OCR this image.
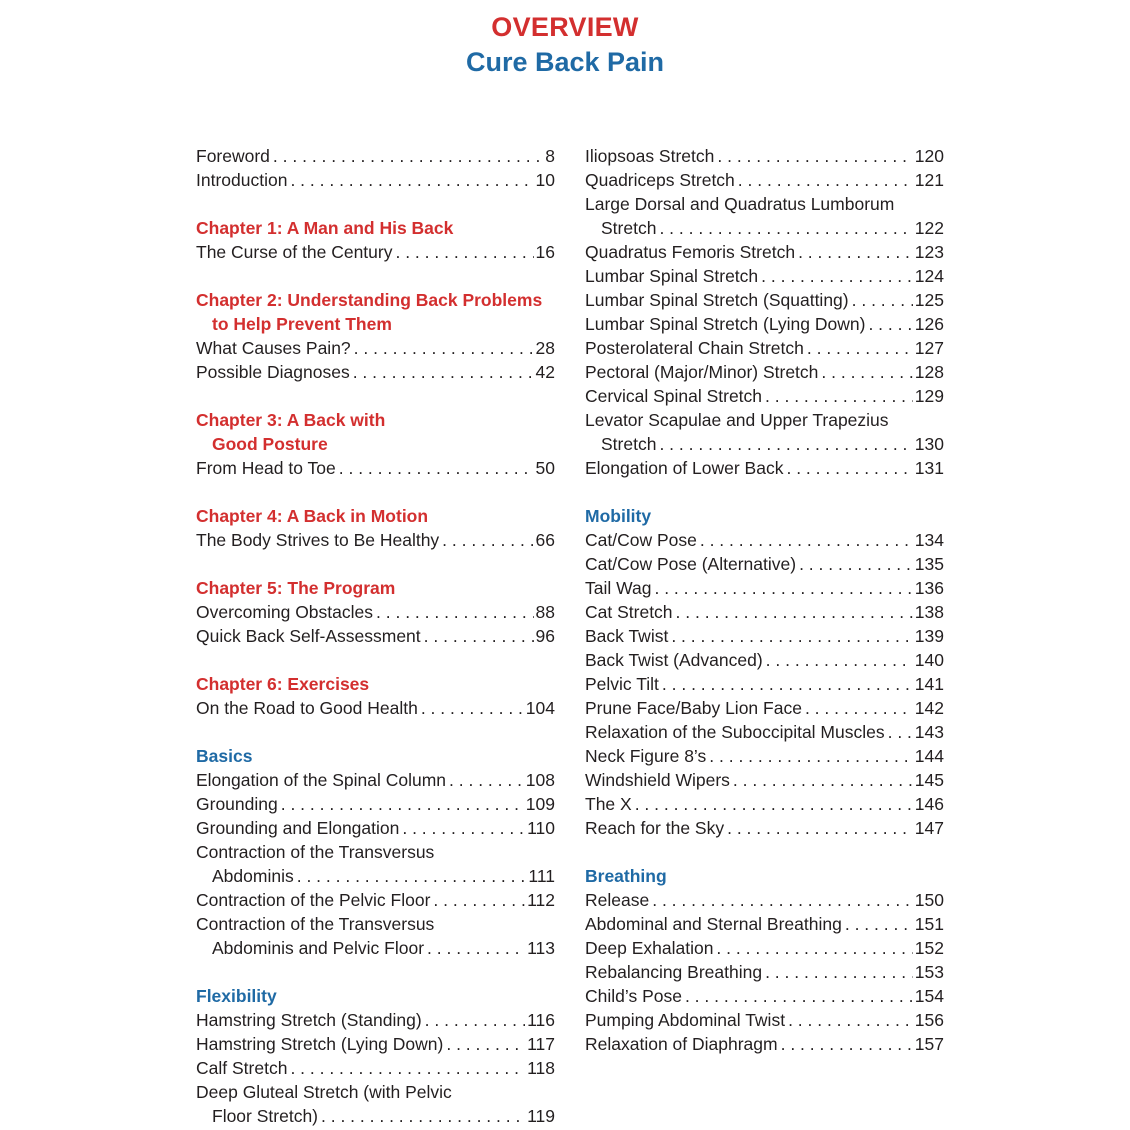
OVERVIEW
Cure Back Pain
Foreword . . .	8
Introduction . . .	10
Chapter 1: A Man and His Back
The Curse of the Century . . .	16
Chapter 2: Understanding Back Problems
to Help Prevent Them
What Causes Pain? . . .	28
Possible Diagnoses . . .	42
Chapter 3: A Back with
Good Posture
From Head to Toe . . .	50
Chapter 4: A Back in Motion
The Body Strives to Be Healthy . . .	66
Chapter 5: The Program
Overcoming Obstacles . . .	88
Quick Back Self-Assessment . . .	96
Chapter 6: Exercises
On the Road to Good Health . . .	104
Basics
Elongation of the Spinal Column . . .	108
Grounding . . .	109
Grounding and Elongation . . .	110
Contraction of the Transversus
Abdominis . . .	111
Contraction of the Pelvic Floor . . .	112
Contraction of the Transversus
Abdominis and Pelvic Floor . . .	113
Flexibility
Hamstring Stretch (Standing) . . .	116
Hamstring Stretch (Lying Down) . . .	117
Calf Stretch . . .	118
Deep Gluteal Stretch (with Pelvic
Floor Stretch) . . .	119
Iliopsoas Stretch . . .	120
Quadriceps Stretch . . .	121
Large Dorsal and Quadratus Lumborum
Stretch . . .	122
Quadratus Femoris Stretch . . .	123
Lumbar Spinal Stretch . . .	124
Lumbar Spinal Stretch (Squatting) . . .	125
Lumbar Spinal Stretch (Lying Down) . . .	126
Posterolateral Chain Stretch . . .	127
Pectoral (Major/Minor) Stretch . . .	128
Cervical Spinal Stretch . . .	129
Levator Scapulae and Upper Trapezius
Stretch . . .	130
Elongation of Lower Back . . .	131
Mobility
Cat/Cow Pose . . .	134
Cat/Cow Pose (Alternative) . . .	135
Tail Wag . . .	136
Cat Stretch . . .	138
Back Twist . . .	139
Back Twist (Advanced) . . .	140
Pelvic Tilt . . .	141
Prune Face/Baby Lion Face . . .	142
Relaxation of the Suboccipital Muscles . . . 143
Neck Figure 8’s . . .	144
Windshield Wipers . . .	145
The X . . .	146
Reach for the Sky . . .	147
Breathing
Release . . .	150
Abdominal and Sternal Breathing . . .	151
Deep Exhalation . . .	152
Rebalancing Breathing . . .	153
Child’s Pose . . .	154
Pumping Abdominal Twist . . .	156
Relaxation of Diaphragm . . .	157
